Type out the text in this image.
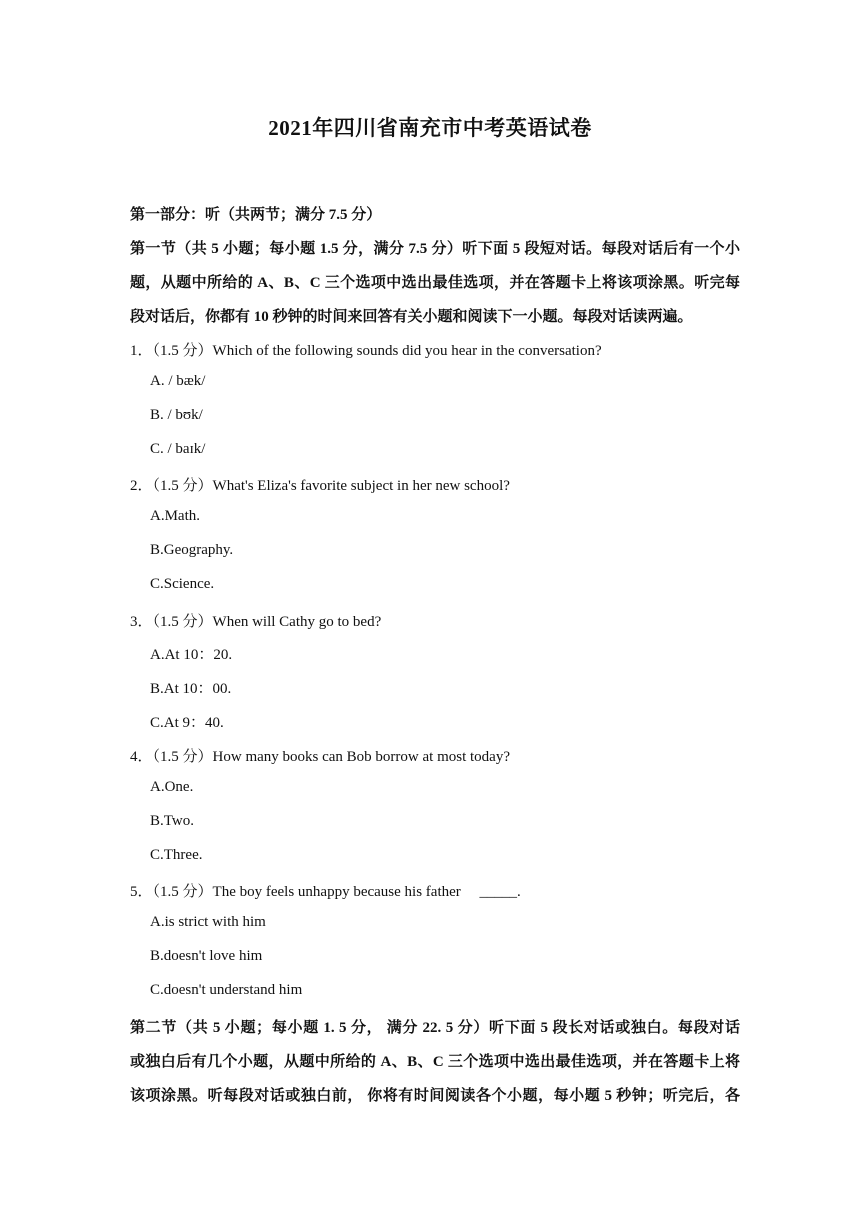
2021年四川省南充市中考英语试卷
第一部分：听（共两节；满分 7.5 分）
第一节（共 5 小题；每小题 1.5 分，满分 7.5 分）听下面 5 段短对话。每段对话后有一个小
题，从题中所给的 A、B、C 三个选项中选出最佳选项，并在答题卡上将该项涂黑。听完每
段对话后，你都有 10 秒钟的时间来回答有关小题和阅读下一小题。每段对话读两遍。
1．（1.5 分）Which of the following sounds did you hear in the conversation?
A. / bæk/
B. / bʊk/
C. / baɪk/
2．（1.5 分）What's Eliza's favorite subject in her new school?
A.Math.
B.Geography.
C.Science.
3．（1.5 分）When will Cathy go to bed?
A.At 10：20.
B.At 10：00.
C.At 9：40.
4．（1.5 分）How many books can Bob borrow at most today?
A.One.
B.Two.
C.Three.
5．（1.5 分）The boy feels unhappy because his father _____.
A.is strict with him
B.doesn't love him
C.doesn't understand him
第二节（共 5 小题；每小题 1. 5 分， 满分 22. 5 分）听下面 5 段长对话或独白。每段对话
或独白后有几个小题，从题中所给的 A、B、C 三个选项中选出最佳选项，并在答题卡上将
该项涂黑。听每段对话或独白前， 你将有时间阅读各个小题，每小题 5 秒钟；听完后，各
